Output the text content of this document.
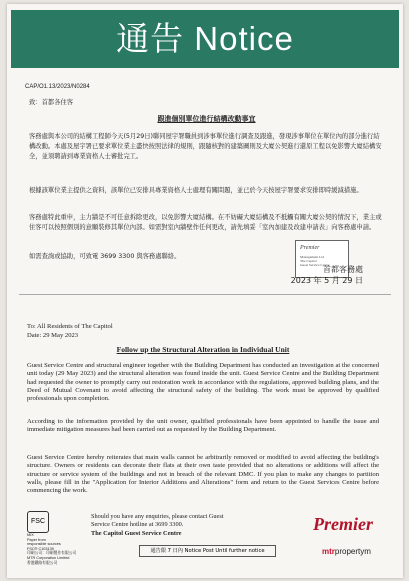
通告 Notice
CAP/O1.13/2023/N0284
致：首都各住客
跟進個別單位進行結構改動事宜
客務處與本公司的結構工程師今天(5月29日)聯同屋宇署職員到涉事單位進行調查及跟進，發現涉事單位在單位內的部分進行結構改動。本處及屋宇署已要求單位業主盡快按照法律的規則，跟隨核對的建築圖則及大廈公契進行還原工程以免影響大廈結構安全，並須聘請到專業資格人士審批完工。
根據該單位業主提供之資料，該單位已安排具專業資格人士處理有關問題，並已於今天按屋宇署要求安排即時緩減措施。
客務處特此重申，主力牆是不可任意拆除更改，以免影響大廈結構。在不妨礙大廈結構及不抵觸有關大廈公契的情況下，業主或住客可以按照個別的意願裝修其單位內部。如需對室內牆壁作任何更改，請先填妥「室內加建及改建申請表」向客務處申請。
如需查詢或協助，可致電 3699 3300 與客務處聯絡。
Premier
Management Ltd
The Capitol
Guest Service Centre
首都客務處
2023 年 5 月 29 日
To: All Residents of The Capitol
Date: 29 May 2023
Follow up the Structural Alteration in Individual Unit
Guest Service Centre and structural engineer together with the Building Department has conducted an investigation at the concerned unit today (29 May 2023) and the structural alteration was found inside the unit. Guest Service Centre and the Building Department had requested the owner to promptly carry out restoration work in accordance with the regulations, approved building plans, and the Deed of Mutual Covenant to avoid affecting the structural safety of the building. The work must be approved by qualified professionals upon completion.
According to the information provided by the unit owner, qualified professionals have been appointed to handle the issue and immediate mitigation measures had been carried out as requested by the Building Department.
Guest Service Centre hereby reiterates that main walls cannot be arbitrarily removed or modified to avoid affecting the building's structure. Owners or residents can decorate their flats at their own taste provided that no alterations or additions will affect the structure or service system of the buildings and not in breach of the relevant DMC. If you plan to make any changes to partition walls, please fill in the "Application for Interior Additions and Alterations" form and return to the Guest Services Centre before commencing the work.
FSC
MIX
Paper from
responsible sources
FSC® C103139
印刷公司：印刷製作有限公司
MTR Corporation Limited
香港鐵路有限公司
Should you have any enquiries, please contact Guest
Service Centre hotline at 3699 3300.
The Capitol Guest Service Centre
通告限 7 日內 Notice Post Until further notice
Premier
mtrpropertym
